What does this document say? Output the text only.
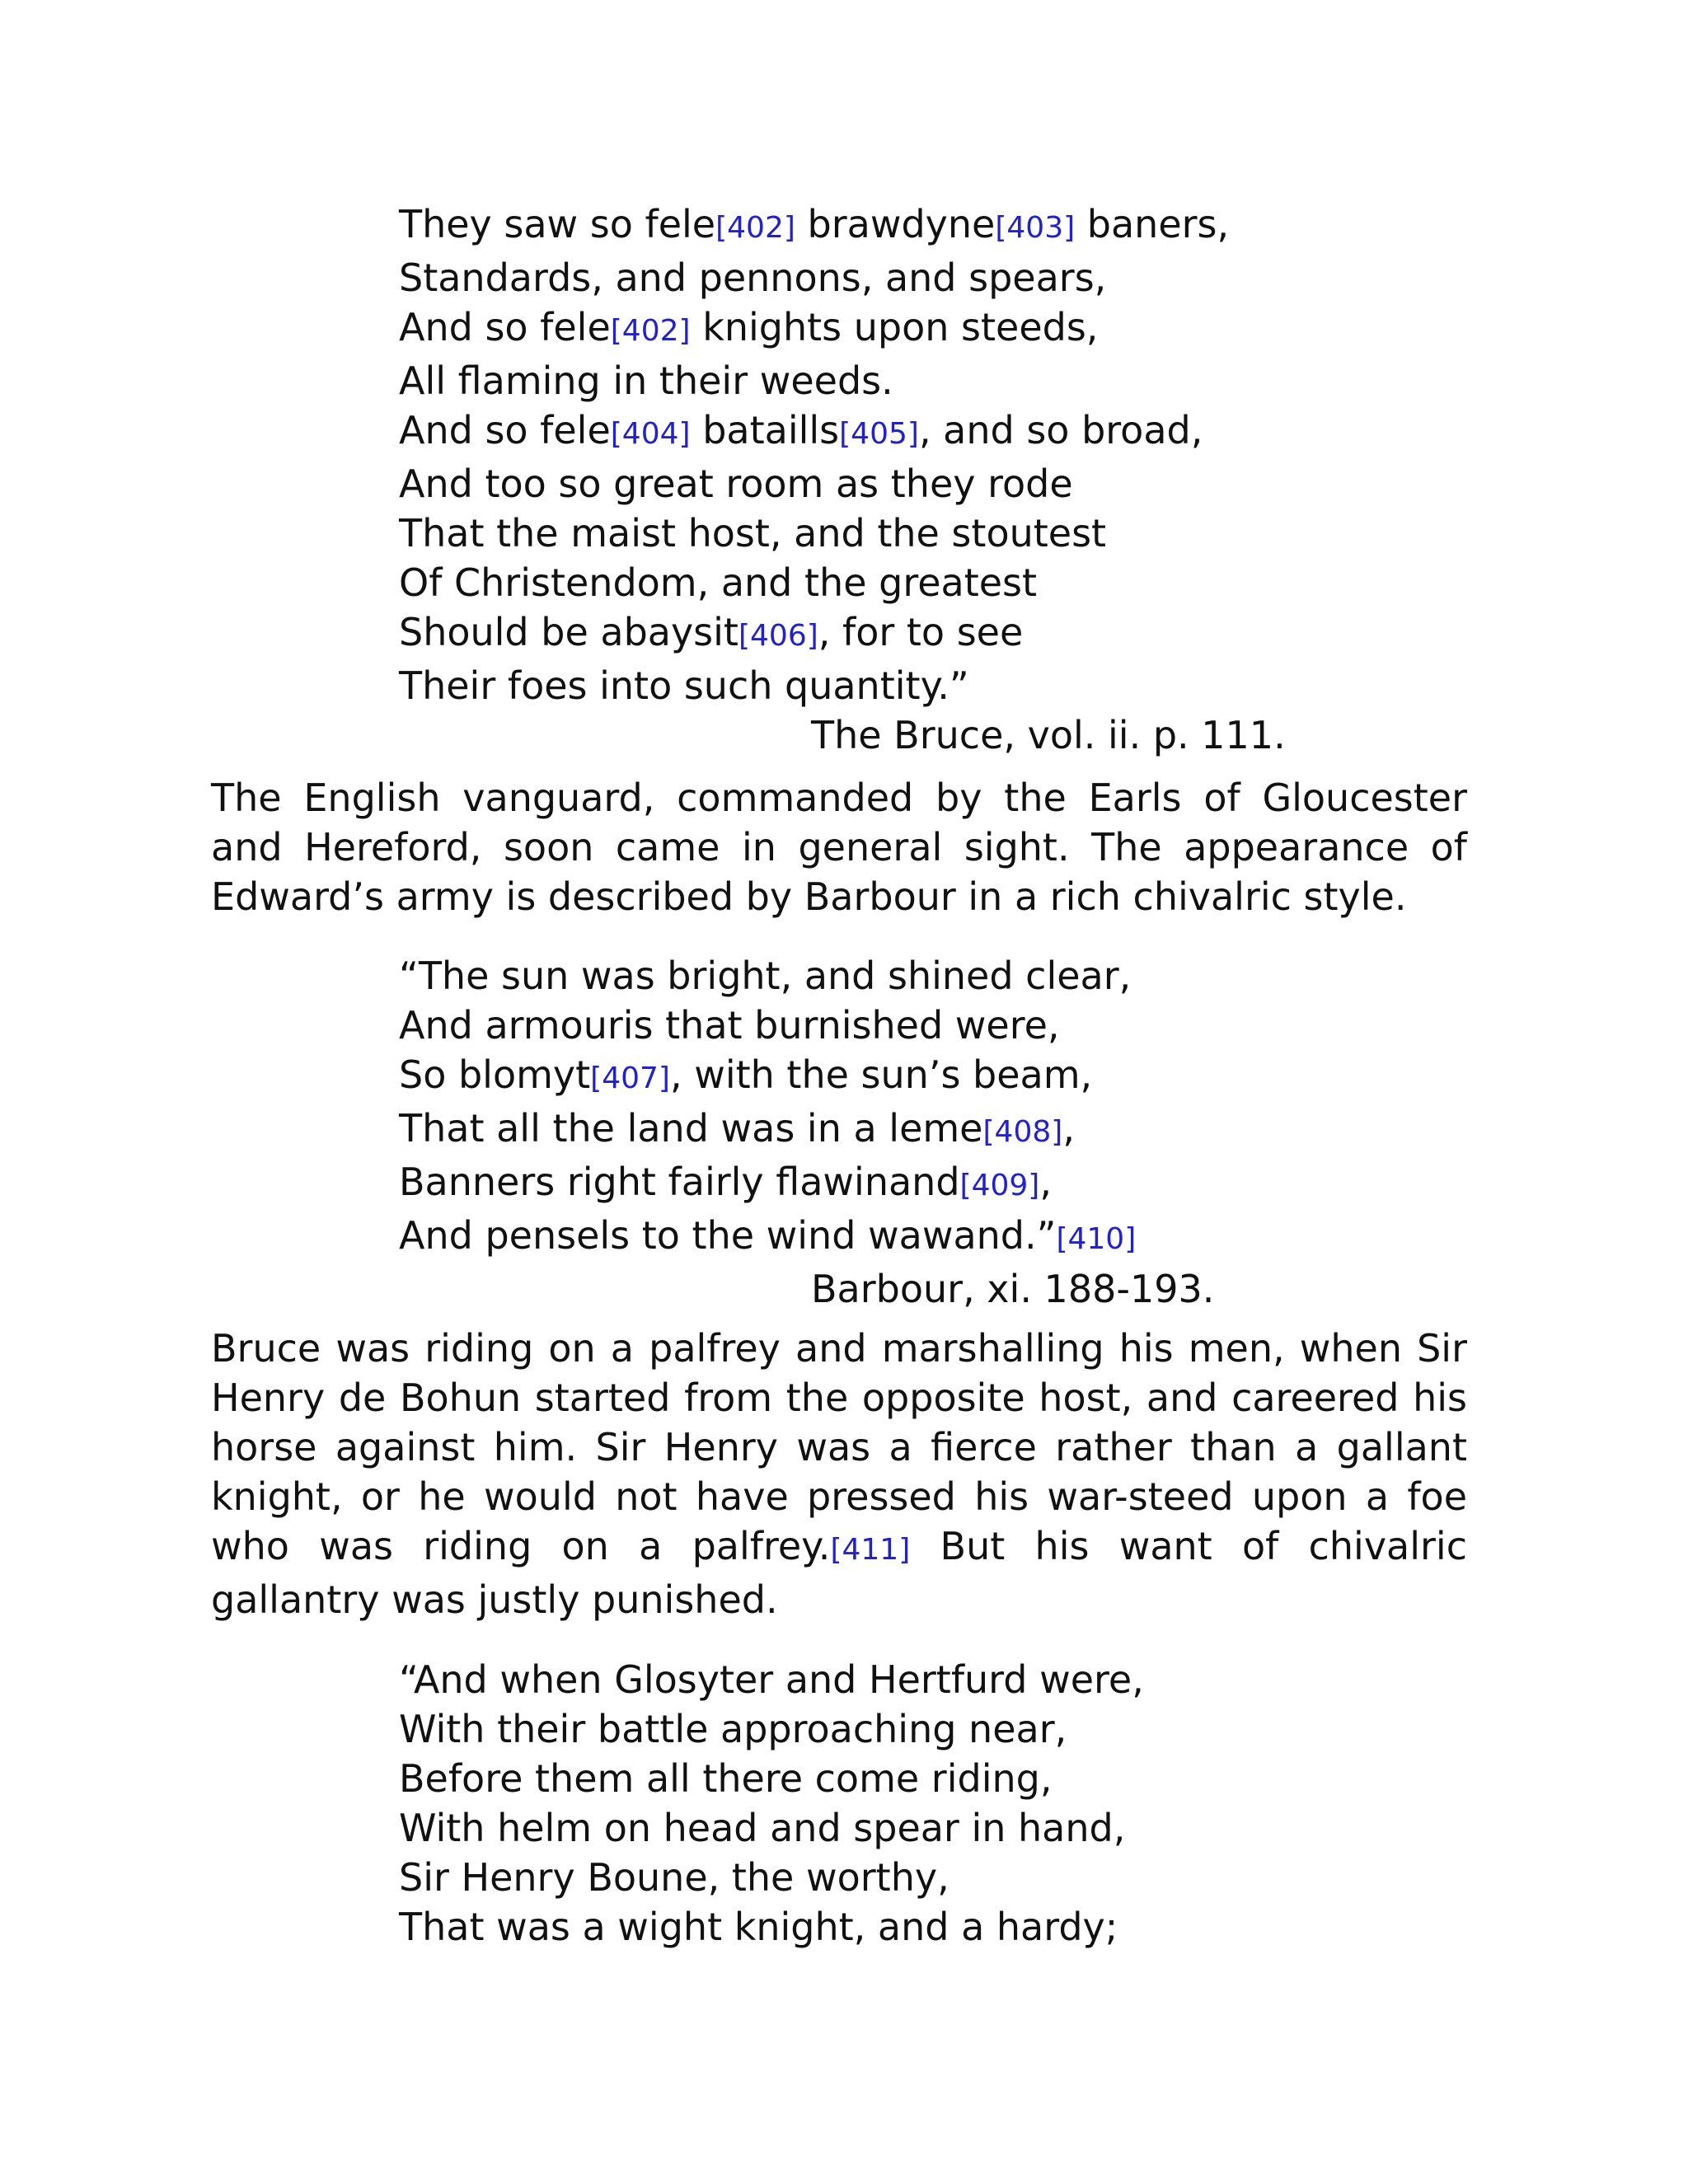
They saw so fele[402] brawdyne[403] baners,
Standards, and pennons, and spears,
And so fele[402] knights upon steeds,
All flaming in their weeds.
And so fele[404] bataills[405], and so broad,
And too so great room as they rode
That the maist host, and the stoutest
Of Christendom, and the greatest
Should be abaysit[406], for to see
Their foes into such quantity.”
The Bruce, vol. ii. p. 111.

The English vanguard, commanded by the Earls of Gloucester and Hereford, soon came in general sight. The appearance of Edward’s army is described by Barbour in a rich chivalric style.

“The sun was bright, and shined clear,
And armouris that burnished were,
So blomyt[407], with the sun’s beam,
That all the land was in a leme[408],
Banners right fairly flawinand[409],
And pensels to the wind wawand.”[410]
Barbour, xi. 188-193.

Bruce was riding on a palfrey and marshalling his men, when Sir Henry de Bohun started from the opposite host, and careered his horse against him. Sir Henry was a fierce rather than a gallant knight, or he would not have pressed his war-steed upon a foe who was riding on a palfrey.[411] But his want of chivalric gallantry was justly punished.

“And when Glosyter and Hertfurd were,
With their battle approaching near,
Before them all there come riding,
With helm on head and spear in hand,
Sir Henry Boune, the worthy,
That was a wight knight, and a hardy;
